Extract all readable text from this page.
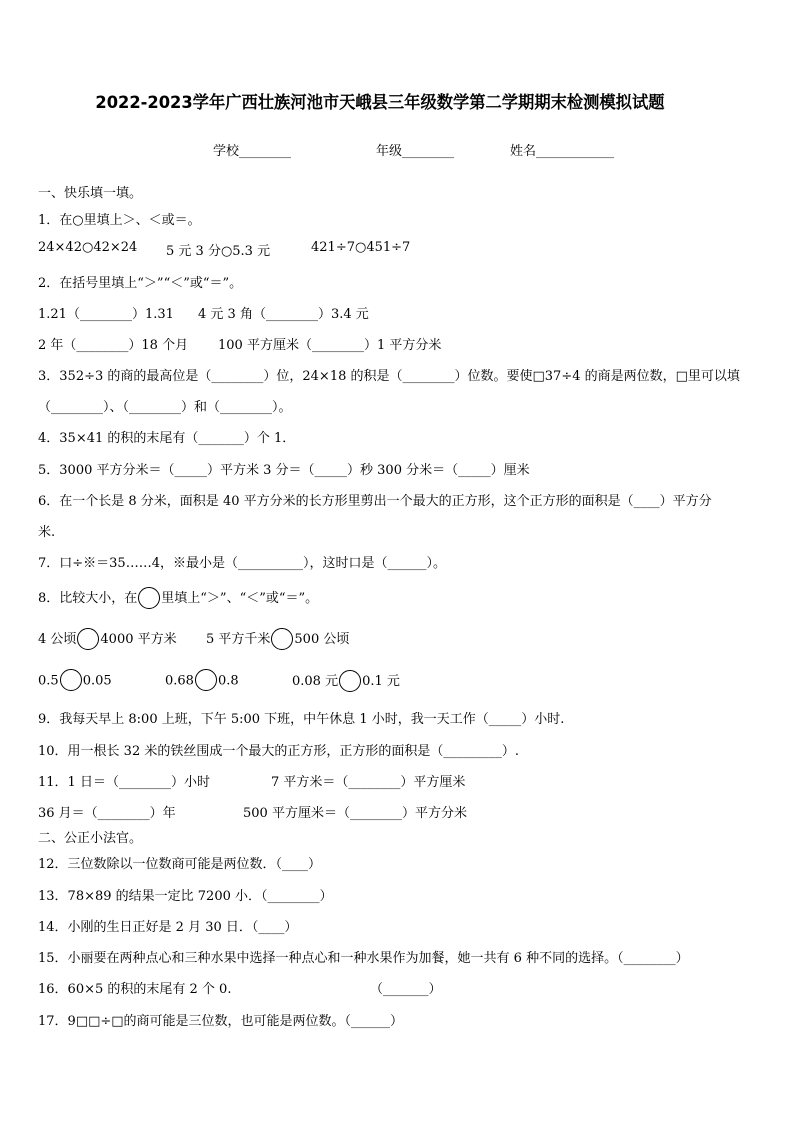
2022-2023学年广西壮族河池市天峨县三年级数学第二学期期末检测模拟试题
学校________	年级________	姓名____________
一、快乐填一填。
1．在○里填上＞、＜或＝。
24×42○42×24 5 元 3 分○5.3 元	421÷7○451÷7
2．在括号里填上“＞”“＜”或“＝”。
1.21（________）1.31 4 元 3 角（________）3.4 元
2 年（________）18 个月 100 平方厘米（________）1 平方分米
3．352÷3 的商的最高位是（________）位，24×18 的积是（________）位数。要使□37÷4 的商是两位数，□里可以填
（________）、（________）和（________）。
4．35×41 的积的末尾有（_______）个 1．
5．3000 平方分米＝（_____）平方米 3 分＝（_____）秒 300 分米＝（_____）厘米
6．在一个长是 8 分米，面积是 40 平方分米的长方形里剪出一个最大的正方形，这个正方形的面积是（____）平方分
米.
7．口÷※＝35……4，※最小是（__________），这时口是（______）。
8．比较大小，在 里填上“＞”、“＜”或“＝”。
4 公顷 4000 平方米 5 平方千米 500 公顷
0.5 0.05	0.68 0.8	0.08 元 0.1 元
9．我每天早上 8:00 上班，下午 5:00 下班，中午休息 1 小时，我一天工作（_____）小时.
10．用一根长 32 米的铁丝围成一个最大的正方形，正方形的面积是（_________）.
11．1 日＝（________）小时	7 平方米＝（________）平方厘米
36 月＝（________）年	500 平方厘米＝（________）平方分米
二、公正小法官。
12．三位数除以一位数商可能是两位数．（____）
13．78×89 的结果一定比 7200 小．（________）
14．小刚的生日正好是 2 月 30 日．（____）
15．小丽要在两种点心和三种水果中选择一种点心和一种水果作为加餐，她一共有 6 种不同的选择。（________）
16．60×5 的积的末尾有 2 个 0.	（_______）
17．9□□÷□的商可能是三位数，也可能是两位数。（______）
